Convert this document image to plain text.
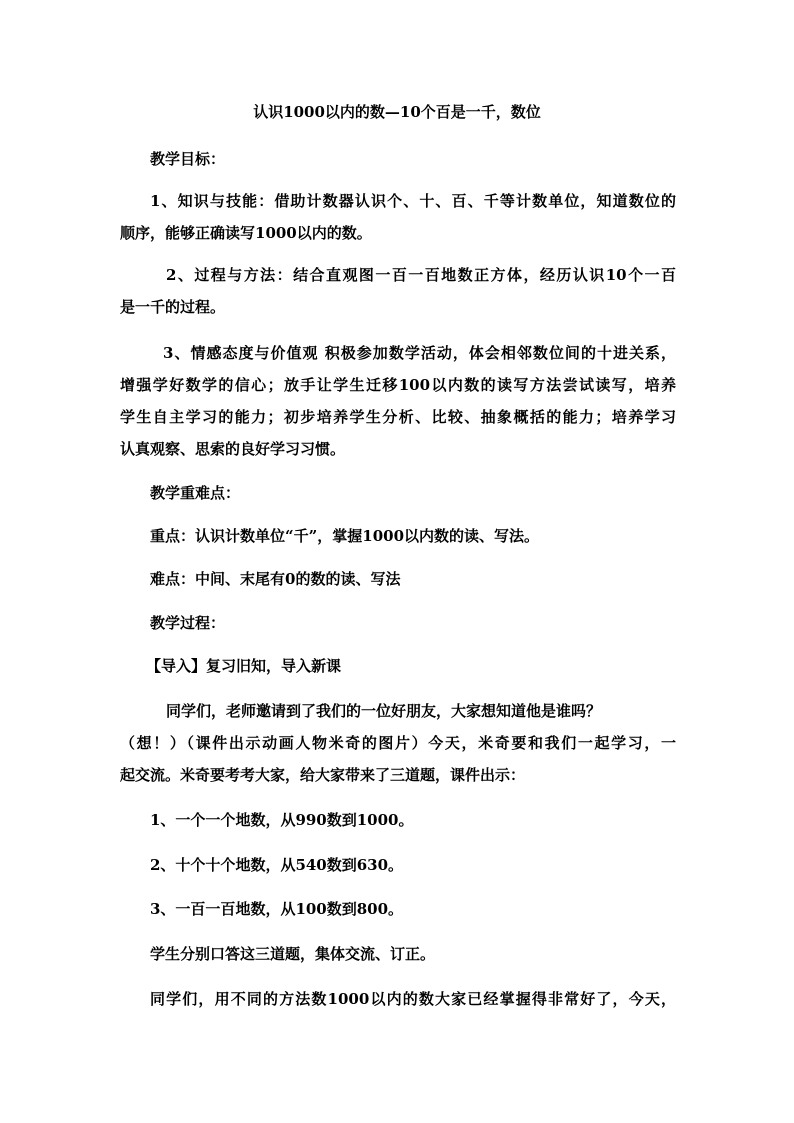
认识1000以内的数—10个百是一千，数位
教学目标：
1、知识与技能：借助计数器认识个、十、百、千等计数单位，知道数位的
顺序，能够正确读写1000以内的数。
2、过程与方法：结合直观图一百一百地数正方体，经历认识10个一百
是一千的过程。
3、情感态度与价值观 积极参加数学活动，体会相邻数位间的十进关系，
增强学好数学的信心；放手让学生迁移100以内数的读写方法尝试读写，培养
学生自主学习的能力；初步培养学生分析、比较、抽象概括的能力；培养学习
认真观察、思索的良好学习习惯。
教学重难点：
重点：认识计数单位“千”，掌握1000以内数的读、写法。
难点：中间、末尾有0的数的读、写法
教学过程：
【导入】复习旧知，导入新课
同学们，老师邀请到了我们的一位好朋友，大家想知道他是谁吗？
（想！）（课件出示动画人物米奇的图片）今天，米奇要和我们一起学习，一
起交流。米奇要考考大家，给大家带来了三道题，课件出示：
1、一个一个地数，从990数到1000。
2、十个十个地数，从540数到630。
3、一百一百地数，从100数到800。
学生分别口答这三道题，集体交流、订正。
同学们，用不同的方法数1000以内的数大家已经掌握得非常好了，今天，
